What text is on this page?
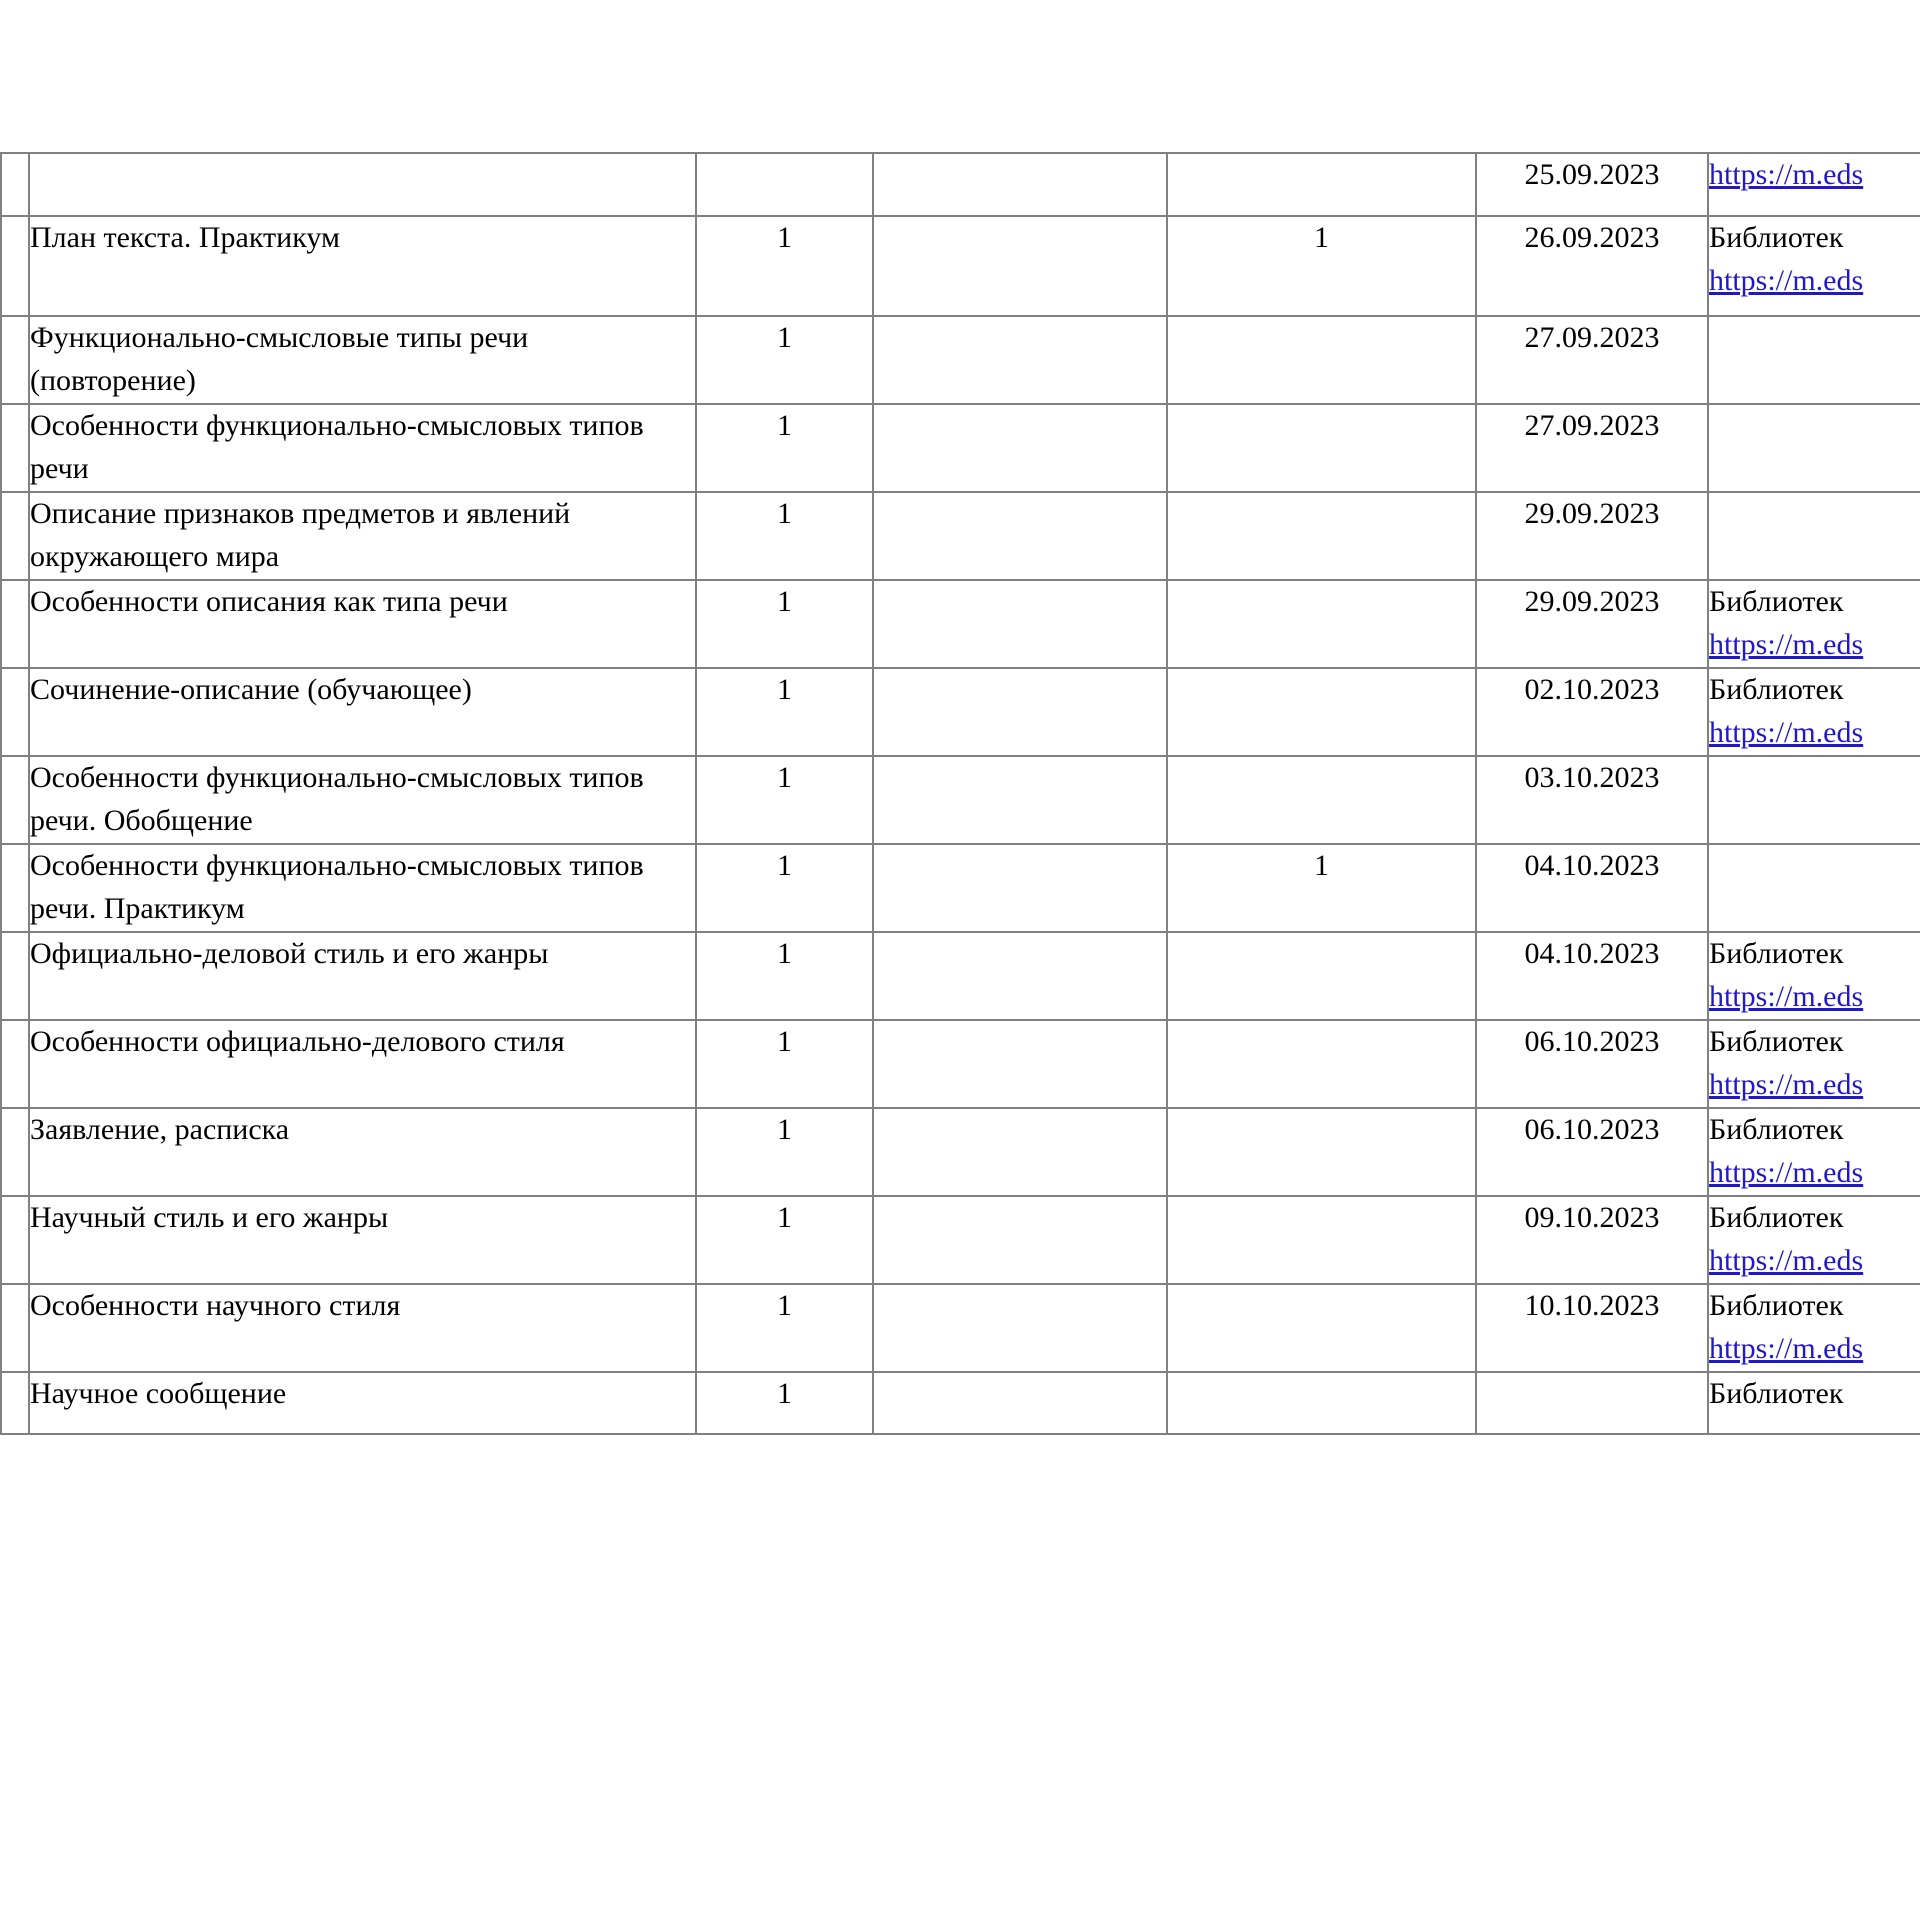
					25.09.2023	https://m.eds

	План текста. Практикум	1		1	26.09.2023	Библиотек
https://m.eds

	Функционально-смысловые типы речи (повторение)	1			27.09.2023	
	Особенности функционально-смысловых типов речи	1			27.09.2023	
	Описание признаков предметов и явлений окружающего мира	1			29.09.2023	
	Особенности описания как типа речи	1			29.09.2023	Библиотек
https://m.eds

	Сочинение-описание (обучающее)	1			02.10.2023	Библиотек
https://m.eds

	Особенности функционально-смысловых типов речи. Обобщение	1			03.10.2023	
	Особенности функционально-смысловых типов речи. Практикум	1		1	04.10.2023	
	Официально-деловой стиль и его жанры	1			04.10.2023	Библиотек
https://m.eds

	Особенности официально-делового стиля	1			06.10.2023	Библиотек
https://m.eds

	Заявление, расписка	1			06.10.2023	Библиотек
https://m.eds

	Научный стиль и его жанры	1			09.10.2023	Библиотек
https://m.eds

	Особенности научного стиля	1			10.10.2023	Библиотек
https://m.eds

	Научное сообщение	1				Библиотек
